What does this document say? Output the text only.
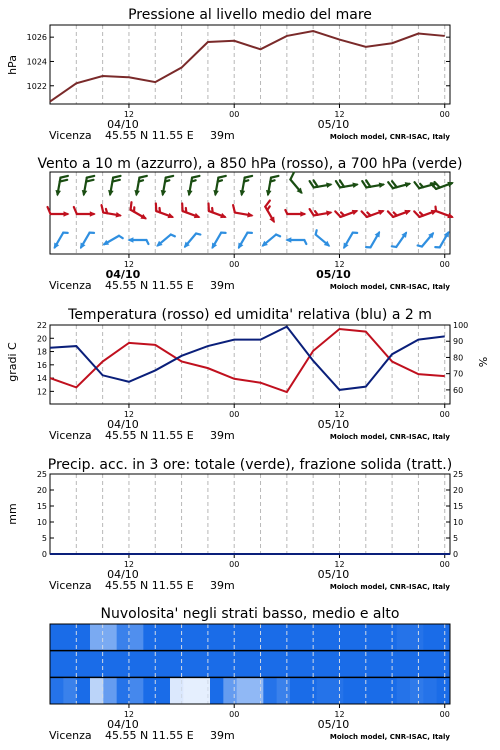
Pressione al livello medio del mare
hPa
12	00	12	00
04/10	05/10
Vicenza 45.55 N 11.55 E 39m	Moloch model, CNR-ISAC, Italy
1022
1024
1026
Vento a 10 m (azzurro), a 850 hPa (rosso), a 700 hPa (verde)
12	00	12	00
04/10	05/10
Vicenza 45.55 N 11.55 E 39m	Moloch model, CNR-ISAC, Italy
Temperatura (rosso) ed umidita' relativa (blu) a 2 m
gradi C	%
12	00	12	00
04/10	05/10
Vicenza 45.55 N 11.55 E 39m	Moloch model, CNR-ISAC, Italy
12
14
16
18
20
22
60
70
80
90
100
Precip. acc. in 3 ore: totale (verde), frazione solida (tratt.)
mm
12	00	12	00
04/10	05/10
Vicenza 45.55 N 11.55 E 39m	Moloch model, CNR-ISAC, Italy
0	0
5	5
10	10
15	15
20	20
25	25
Nuvolosita' negli strati basso, medio e alto
12	00	12	00
04/10	05/10
Vicenza 45.55 N 11.55 E 39m	Moloch model, CNR-ISAC, Italy
